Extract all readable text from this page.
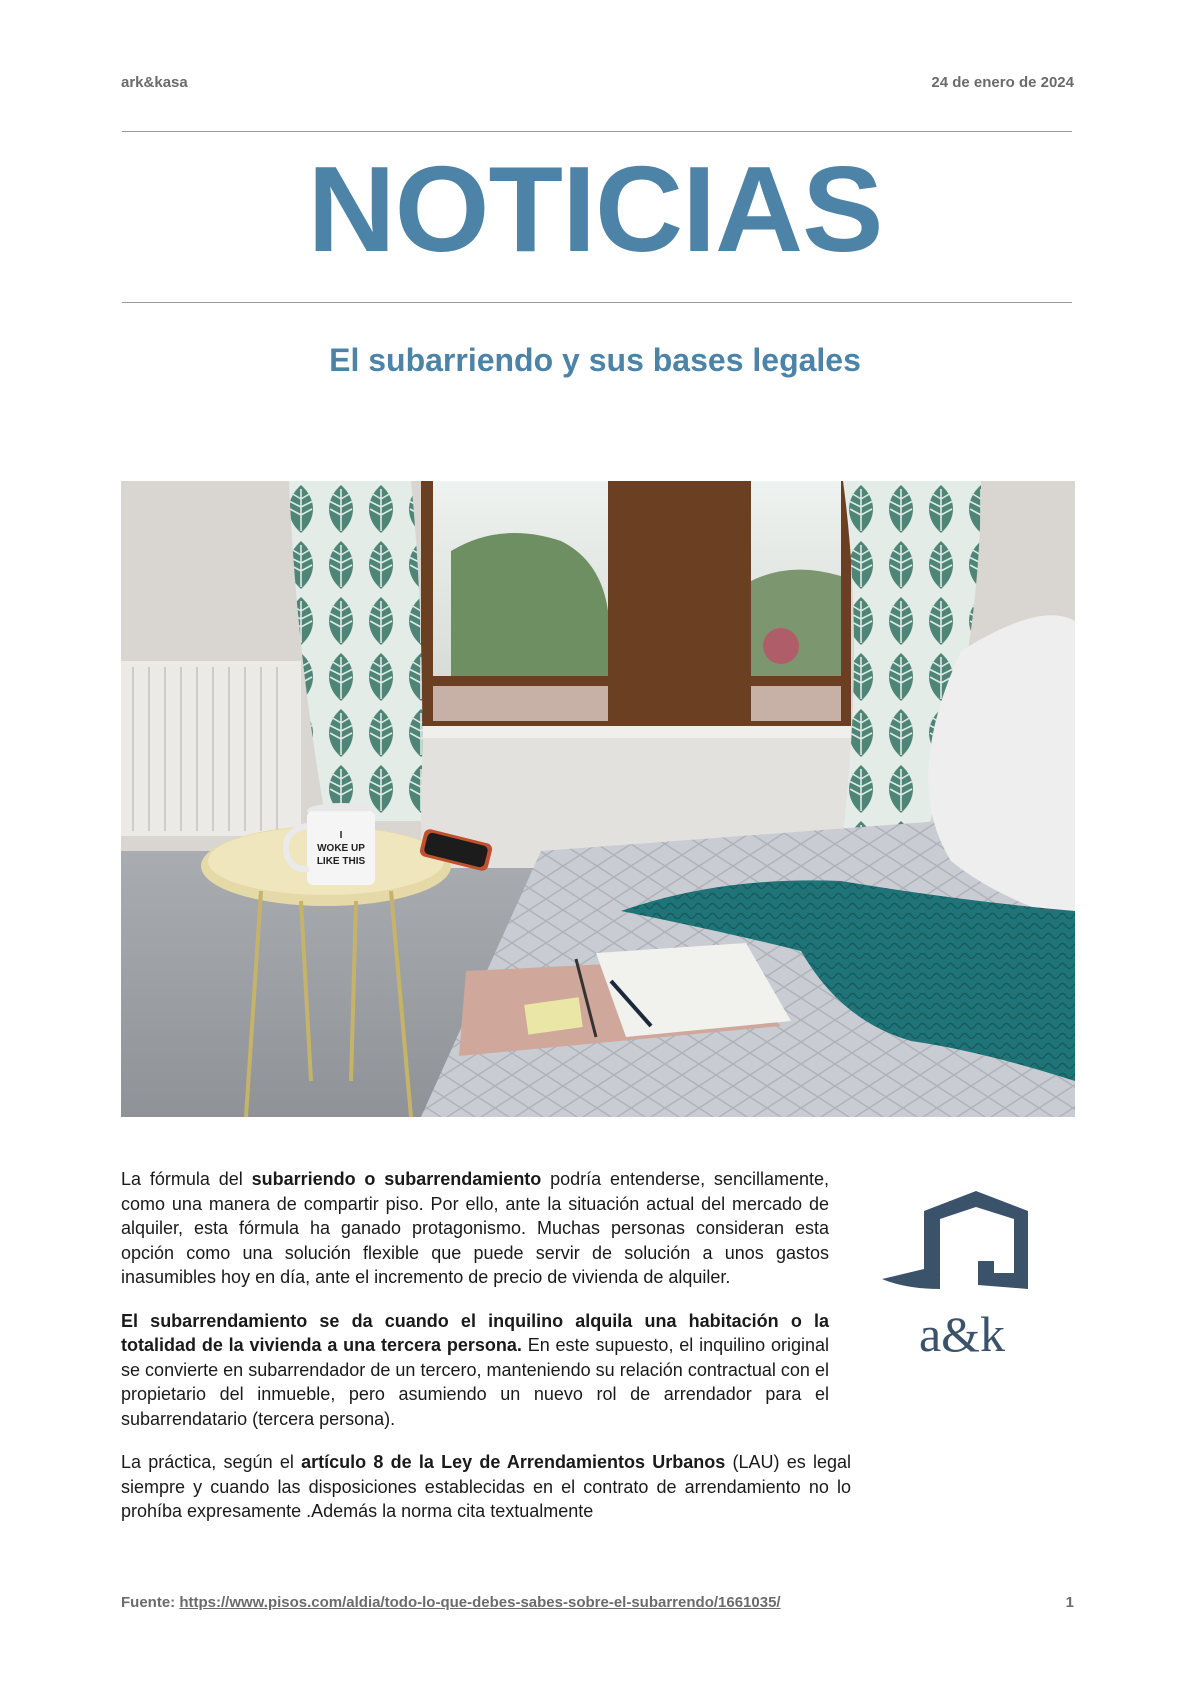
ark&kasa	24 de enero de 2024
NOTICIAS
El subarriendo y sus bases legales
I
WOKE UP
LIKE THIS

La fórmula del subarriendo o subarrendamiento podría entenderse, sencillamente, como una manera de compartir piso. Por ello, ante la situación actual del mercado de alquiler, esta fórmula ha ganado protagonismo. Muchas personas consideran esta opción como una solución flexible que puede servir de solución a unos gastos inasumibles hoy en día, ante el incremento de precio de vivienda de alquiler.

El subarrendamiento se da cuando el inquilino alquila una habitación o la totalidad de la vivienda a una tercera persona. En este supuesto, el inquilino original se convierte en subarrendador de un tercero, manteniendo su relación contractual con el propietario del inmueble, pero asumiendo un nuevo rol de arrendador para el subarrendatario (tercera persona).

La práctica, según el artículo 8 de la Ley de Arrendamientos Urbanos (LAU) es legal siempre y cuando las disposiciones establecidas en el contrato de arrendamiento no lo prohíba expresamente .Además la norma cita textualmente

a&k
Fuente: https://www.pisos.com/aldia/todo-lo-que-debes-sabes-sobre-el-subarrendo/1661035/	1
